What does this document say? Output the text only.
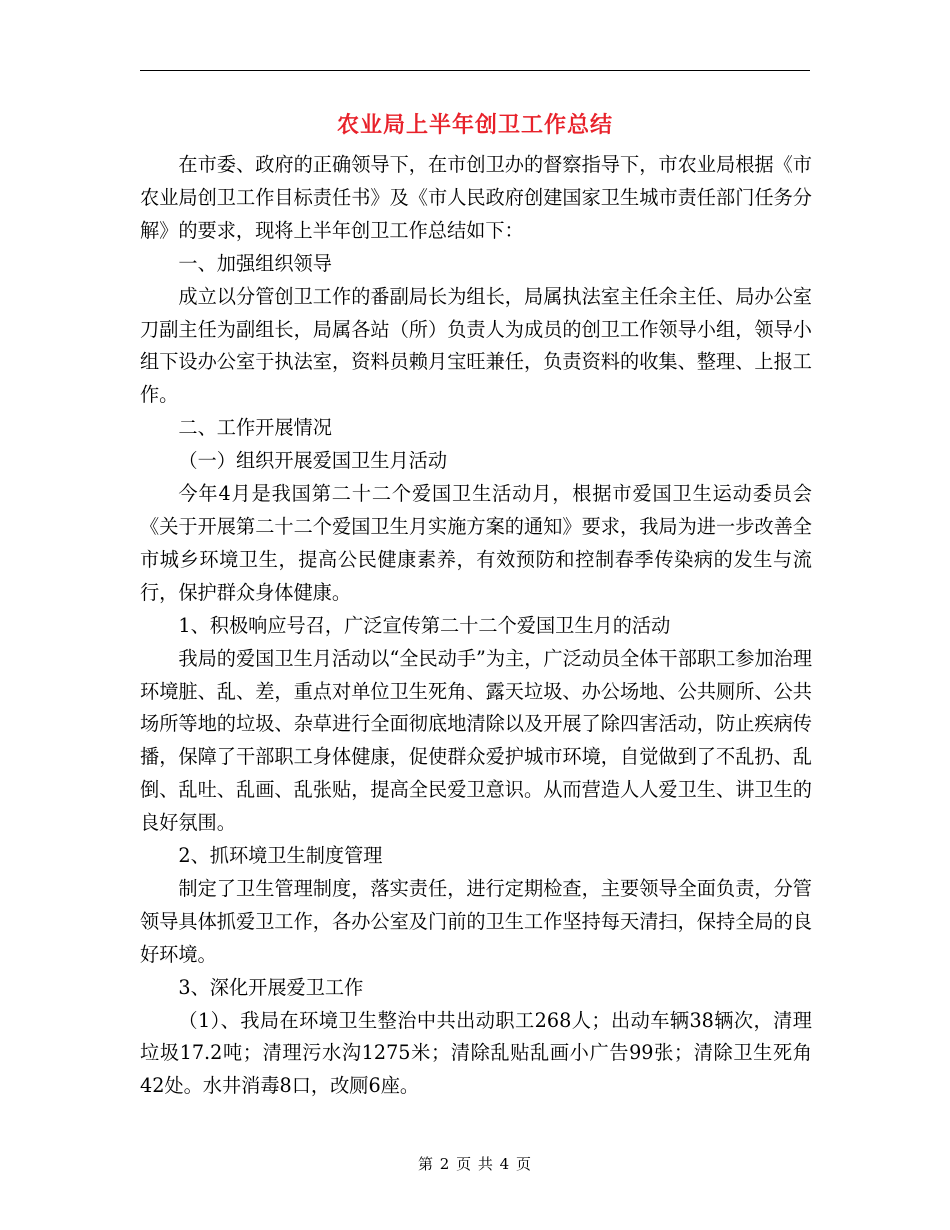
农业局上半年创卫工作总结

在市委、政府的正确领导下，在市创卫办的督察指导下，市农业局根据《市农业局创卫工作目标责任书》及《市人民政府创建国家卫生城市责任部门任务分解》的要求，现将上半年创卫工作总结如下：

一、加强组织领导

成立以分管创卫工作的番副局长为组长，局属执法室主任余主任、局办公室刀副主任为副组长，局属各站（所）负责人为成员的创卫工作领导小组，领导小组下设办公室于执法室，资料员赖月宝旺兼任，负责资料的收集、整理、上报工作。

二、工作开展情况

（一）组织开展爱国卫生月活动

今年4月是我国第二十二个爱国卫生活动月，根据市爱国卫生运动委员会《关于开展第二十二个爱国卫生月实施方案的通知》要求，我局为进一步改善全市城乡环境卫生，提高公民健康素养，有效预防和控制春季传染病的发生与流行，保护群众身体健康。

1、积极响应号召，广泛宣传第二十二个爱国卫生月的活动

我局的爱国卫生月活动以“全民动手”为主，广泛动员全体干部职工参加治理环境脏、乱、差，重点对单位卫生死角、露天垃圾、办公场地、公共厕所、公共场所等地的垃圾、杂草进行全面彻底地清除以及开展了除四害活动，防止疾病传播，保障了干部职工身体健康，促使群众爱护城市环境，自觉做到了不乱扔、乱倒、乱吐、乱画、乱张贴，提高全民爱卫意识。从而营造人人爱卫生、讲卫生的良好氛围。

2、抓环境卫生制度管理

制定了卫生管理制度，落实责任，进行定期检查，主要领导全面负责，分管领导具体抓爱卫工作，各办公室及门前的卫生工作坚持每天清扫，保持全局的良好环境。

3、深化开展爱卫工作

（1）、我局在环境卫生整治中共出动职工268人；出动车辆38辆次，清理垃圾17.2吨；清理污水沟1275米；清除乱贴乱画小广告99张；清除卫生死角42处。水井消毒8口，改厕6座。

第 2 页 共 4 页
